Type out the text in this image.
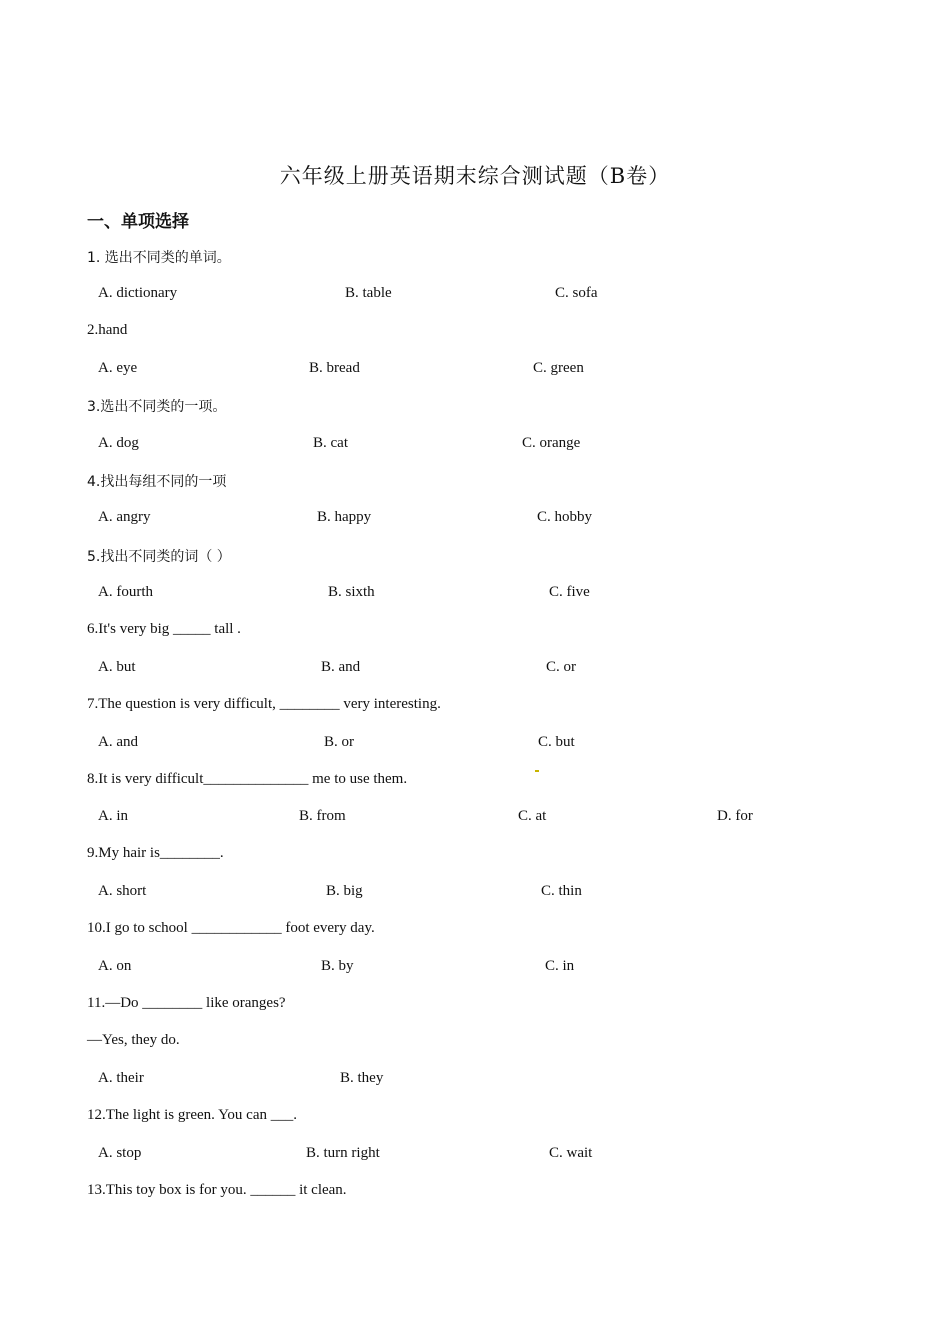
六年级上册英语期末综合测试题（B卷）
一、单项选择
1. 选出不同类的单词。
A. dictionary	B. table	C. sofa
2.hand
A. eye	B. bread	C. green
3.选出不同类的一项。
A. dog	B. cat	C. orange
4.找出每组不同的一项
A. angry	B. happy	C. hobby
5.找出不同类的词（ ）
A. fourth	B. sixth	C. five
6.It's very big _____ tall .
A. but	B. and	C. or
7.The question is very difficult, ________ very interesting.
A. and	B. or	C. but
8.It is very difficult______________ me to use them.
A. in	B. from	C. at	D. for
9.My hair is________.
A. short	B. big	C. thin
10.I go to school ____________ foot every day.
A. on	B. by	C. in
11.—Do ________ like oranges?
—Yes, they do.
A. their	B. they
12.The light is green. You can ___.
A. stop	B. turn right	C. wait
13.This toy box is for you. ______ it clean.
